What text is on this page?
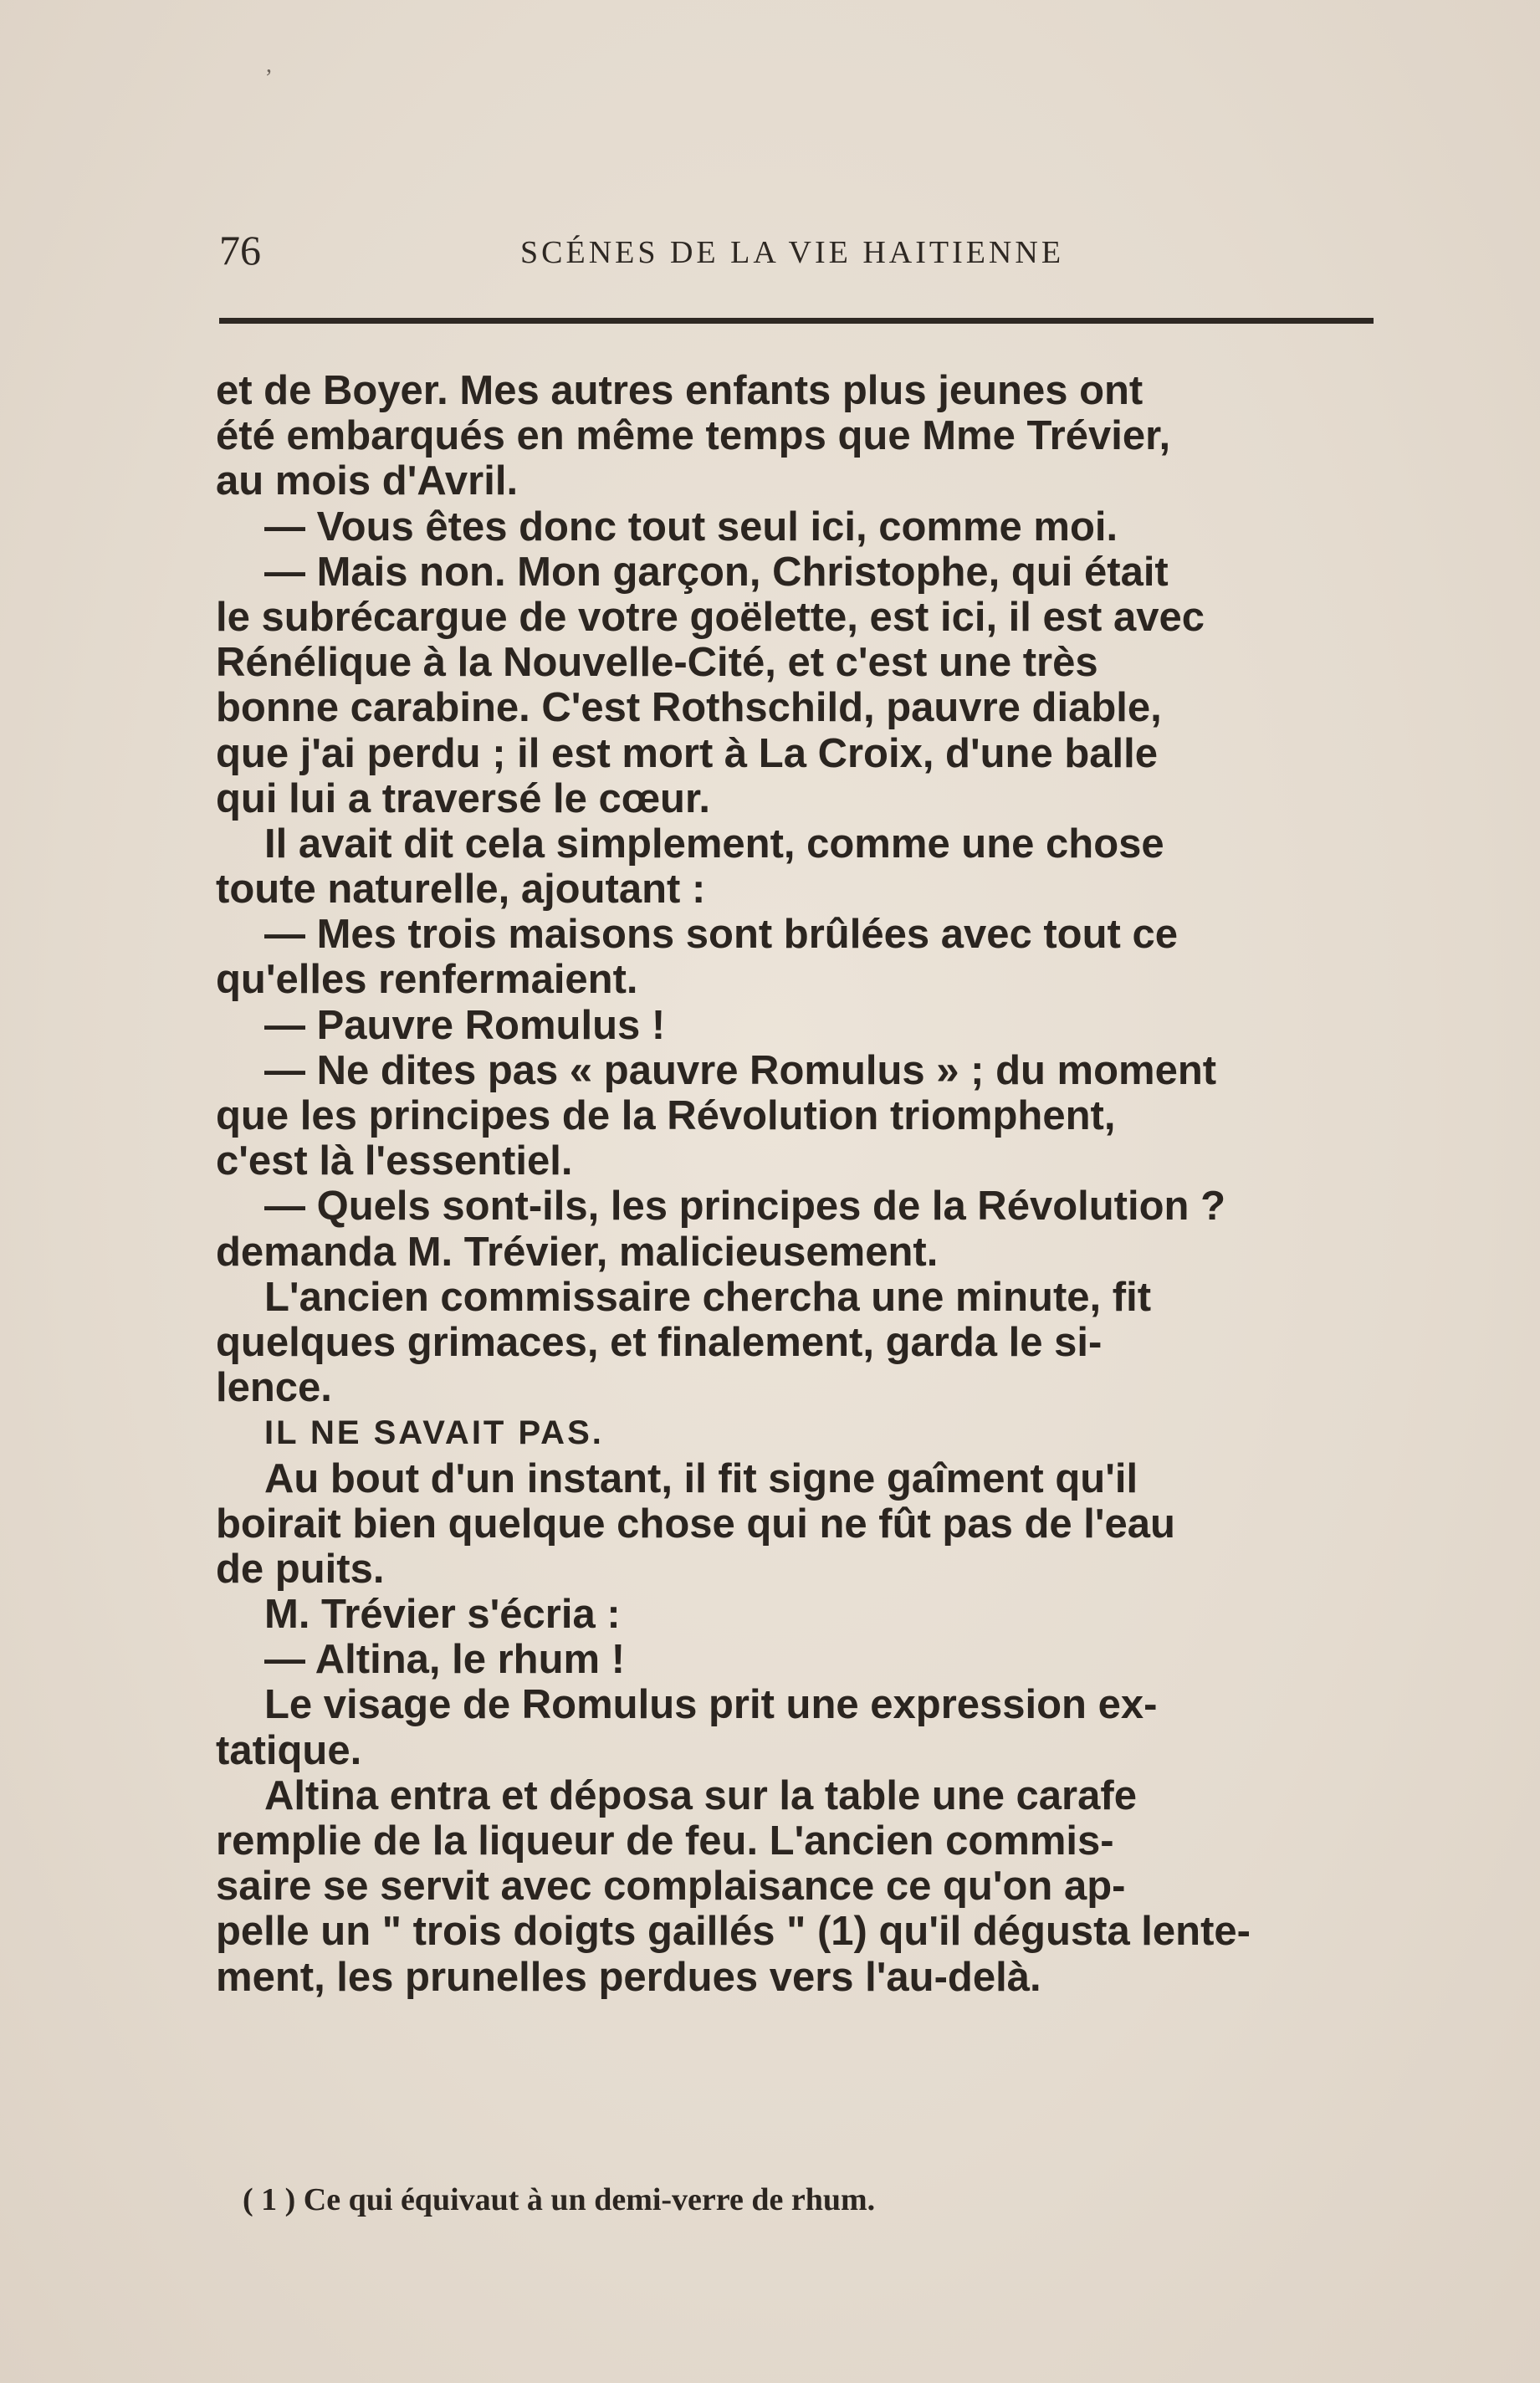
,
76	SCÉNES DE LA VIE HAITIENNE
et de Boyer. Mes autres enfants plus jeunes ont
été embarqués en même temps que Mme Trévier,
au mois d'Avril.
— Vous êtes donc tout seul ici, comme moi.
— Mais non. Mon garçon, Christophe, qui était
le subrécargue de votre goëlette, est ici, il est avec
Rénélique à la Nouvelle-Cité, et c'est une très
bonne carabine. C'est Rothschild, pauvre diable,
que j'ai perdu ; il est mort à La Croix, d'une balle
qui lui a traversé le cœur.
Il avait dit cela simplement, comme une chose
toute naturelle, ajoutant :
— Mes trois maisons sont brûlées avec tout ce
qu'elles renfermaient.
— Pauvre Romulus !
— Ne dites pas « pauvre Romulus » ; du moment
que les principes de la Révolution triomphent,
c'est là l'essentiel.
— Quels sont-ils, les principes de la Révolution ?
demanda M. Trévier, malicieusement.
L'ancien commissaire chercha une minute, fit
quelques grimaces, et finalement, garda le si-
lence.
IL NE SAVAIT PAS.
Au bout d'un instant, il fit signe gaîment qu'il
boirait bien quelque chose qui ne fût pas de l'eau
de puits.
M. Trévier s'écria :
— Altina, le rhum !
Le visage de Romulus prit une expression ex-
tatique.
Altina entra et déposa sur la table une carafe
remplie de la liqueur de feu. L'ancien commis-
saire se servit avec complaisance ce qu'on ap-
pelle un " trois doigts gaillés " (1) qu'il dégusta lente-
ment, les prunelles perdues vers l'au-delà.
( 1 ) Ce qui équivaut à un demi-verre de rhum.
